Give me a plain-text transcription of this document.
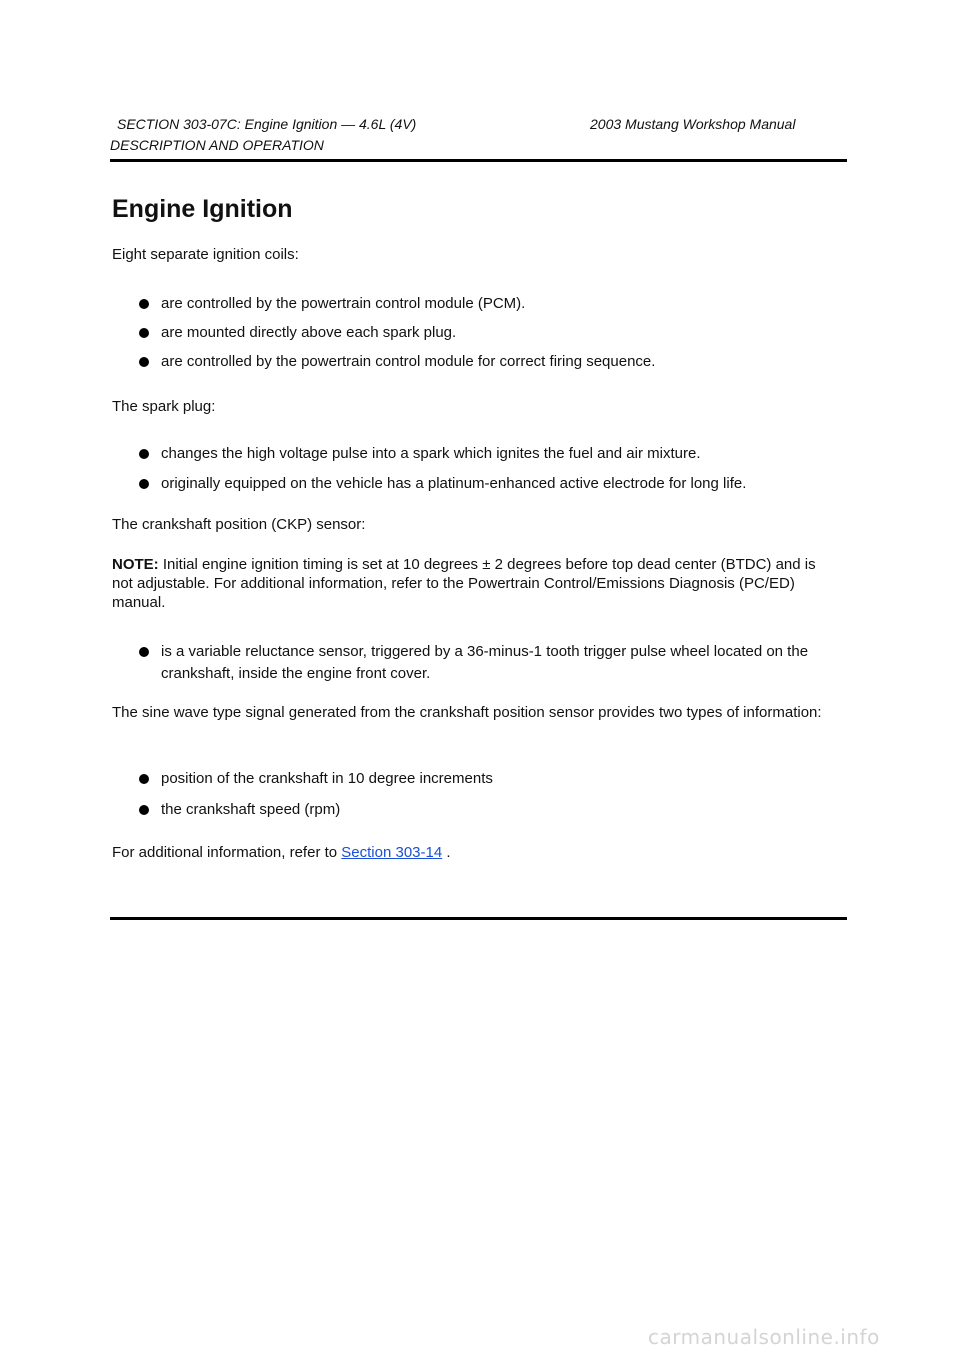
SECTION 303-07C: Engine Ignition — 4.6L (4V)	2003 Mustang Workshop Manual
DESCRIPTION AND OPERATION
Engine Ignition

Eight separate ignition coils:

are controlled by the powertrain control module (PCM).
are mounted directly above each spark plug.
are controlled by the powertrain control module for correct firing sequence.

The spark plug:

changes the high voltage pulse into a spark which ignites the fuel and air mixture.
originally equipped on the vehicle has a platinum-enhanced active electrode for long life.

The crankshaft position (CKP) sensor:

NOTE: Initial engine ignition timing is set at 10 degrees ± 2 degrees before top dead center (BTDC) and is not adjustable. For additional information, refer to the Powertrain Control/Emissions Diagnosis (PC/ED) manual.

is a variable reluctance sensor, triggered by a 36-minus-1 tooth trigger pulse wheel located on the crankshaft, inside the engine front cover.

The sine wave type signal generated from the crankshaft position sensor provides two types of information:

position of the crankshaft in 10 degree increments
the crankshaft speed (rpm)

For additional information, refer to Section 303-14 .

carmanualsonline.info
